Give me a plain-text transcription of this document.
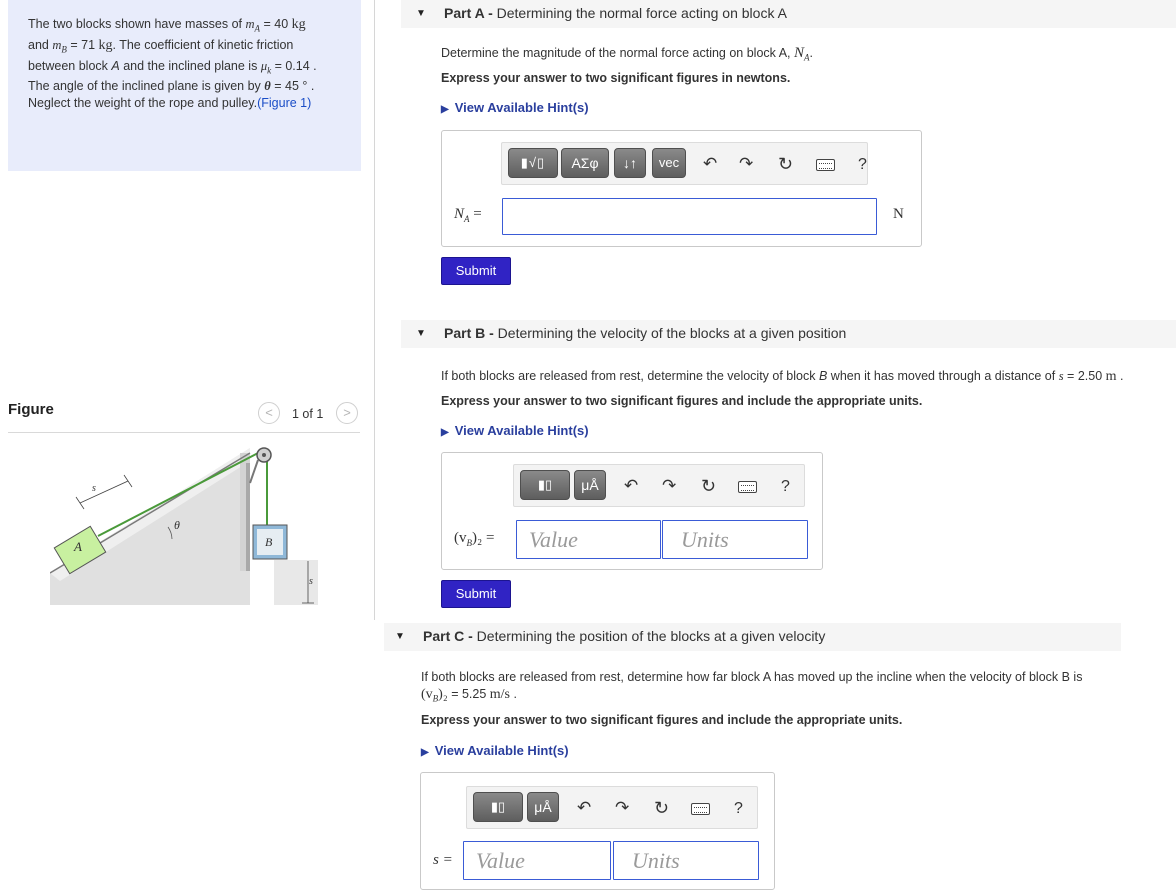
The two blocks shown have masses of $m_A = 40$ kg
and $m_B = 71$ kg. The coefficient of kinetic friction
between block A and the inclined plane is $\mu_k = 0.14$ .
The angle of the inclined plane is given by θ = 45 ° .
Neglect the weight of the rope and pulley.(Figure 1)
Figure	<	1 of 1	>
A	B
s
θ
s
▼ Part A - Determining the normal force acting on block A
Determine the magnitude of the normal force acting on block A, $N_A$.
Express your answer to two significant figures in newtons.
▶ View Available Hint(s)
▮√▯	ΑΣφ	↓↑	vec	↶ ↷ ↻	?
$N_A$ =	N
Submit
▼ Part B - Determining the velocity of the blocks at a given position
If both blocks are released from rest, determine the velocity of block B when it has moved through a distance of s = 2.50 m .
Express your answer to two significant figures and include the appropriate units.
▶ View Available Hint(s)
▮▯	μÅ	↶ ↷ ↻	?
$(v_B)_2$ = Value	Units
Submit
▼ Part C - Determining the position of the blocks at a given velocity
If both blocks are released from rest, determine how far block A has moved up the incline when the velocity of block B is
$(v_B)_2 = 5.25$ m/s .
Express your answer to two significant figures and include the appropriate units.
▶ View Available Hint(s)
▮▯	μÅ	↶ ↷ ↻	?
s = Value	Units
